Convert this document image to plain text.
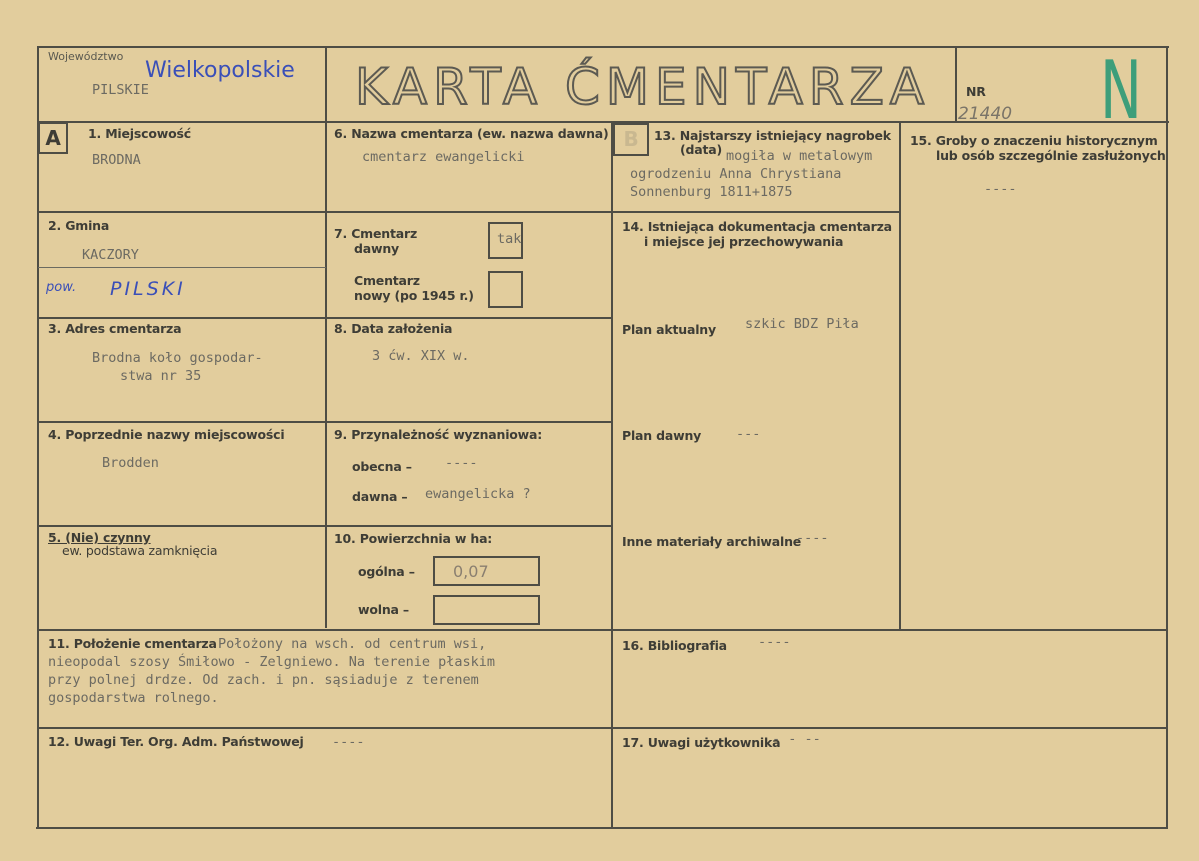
Województwo
Wielkopolskie
PILSKIE	KARTA ĆMENTARZA	NR
21440 N
A	B
1. Miejscowość
BRODNA
2. Gmina
KACZORY
pow. PILSKI
3. Adres cmentarza
Brodna koło gospodar-
stwa nr 35
4. Poprzednie nazwy miejscowości
Brodden
5. (Nie) czynny
ew. podstawa zamknięcia
6. Nazwa cmentarza (ew. nazwa dawna)
cmentarz ewangelicki
7. Cmentarz
dawny
tak
Cmentarz
nowy (po 1945 r.)
8. Data założenia
3 ćw. XIX w.
9. Przynależność wyznaniowa:
obecna – ----
dawna – ewangelicka ?
10. Powierzchnia w ha:
ogólna – 0,07
wolna –
11. Położenie cmentarza Położony na wsch. od centrum wsi,
nieopodal szosy Śmiłowo - Zelgniewo. Na terenie płaskim
przy polnej drdze. Od zach. i pn. sąsiaduje z terenem
gospodarstwa rolnego.
12. Uwagi Ter. Org. Adm. Państwowej ----
13. Najstarszy istniejący nagrobek
(data) mogiła w metalowym
ogrodzeniu Anna Chrystiana
Sonnenburg 1811+1875
14. Istniejąca dokumentacja cmentarza
i miejsce jej przechowywania
Plan aktualny szkic BDZ Piła
Plan dawny	---
Inne materiały archiwalne
----
15. Groby o znaczeniu historycznym
lub osób szczególnie zasłużonych
----
16. Bibliografia ----
17. Uwagi użytkownika
- - --
